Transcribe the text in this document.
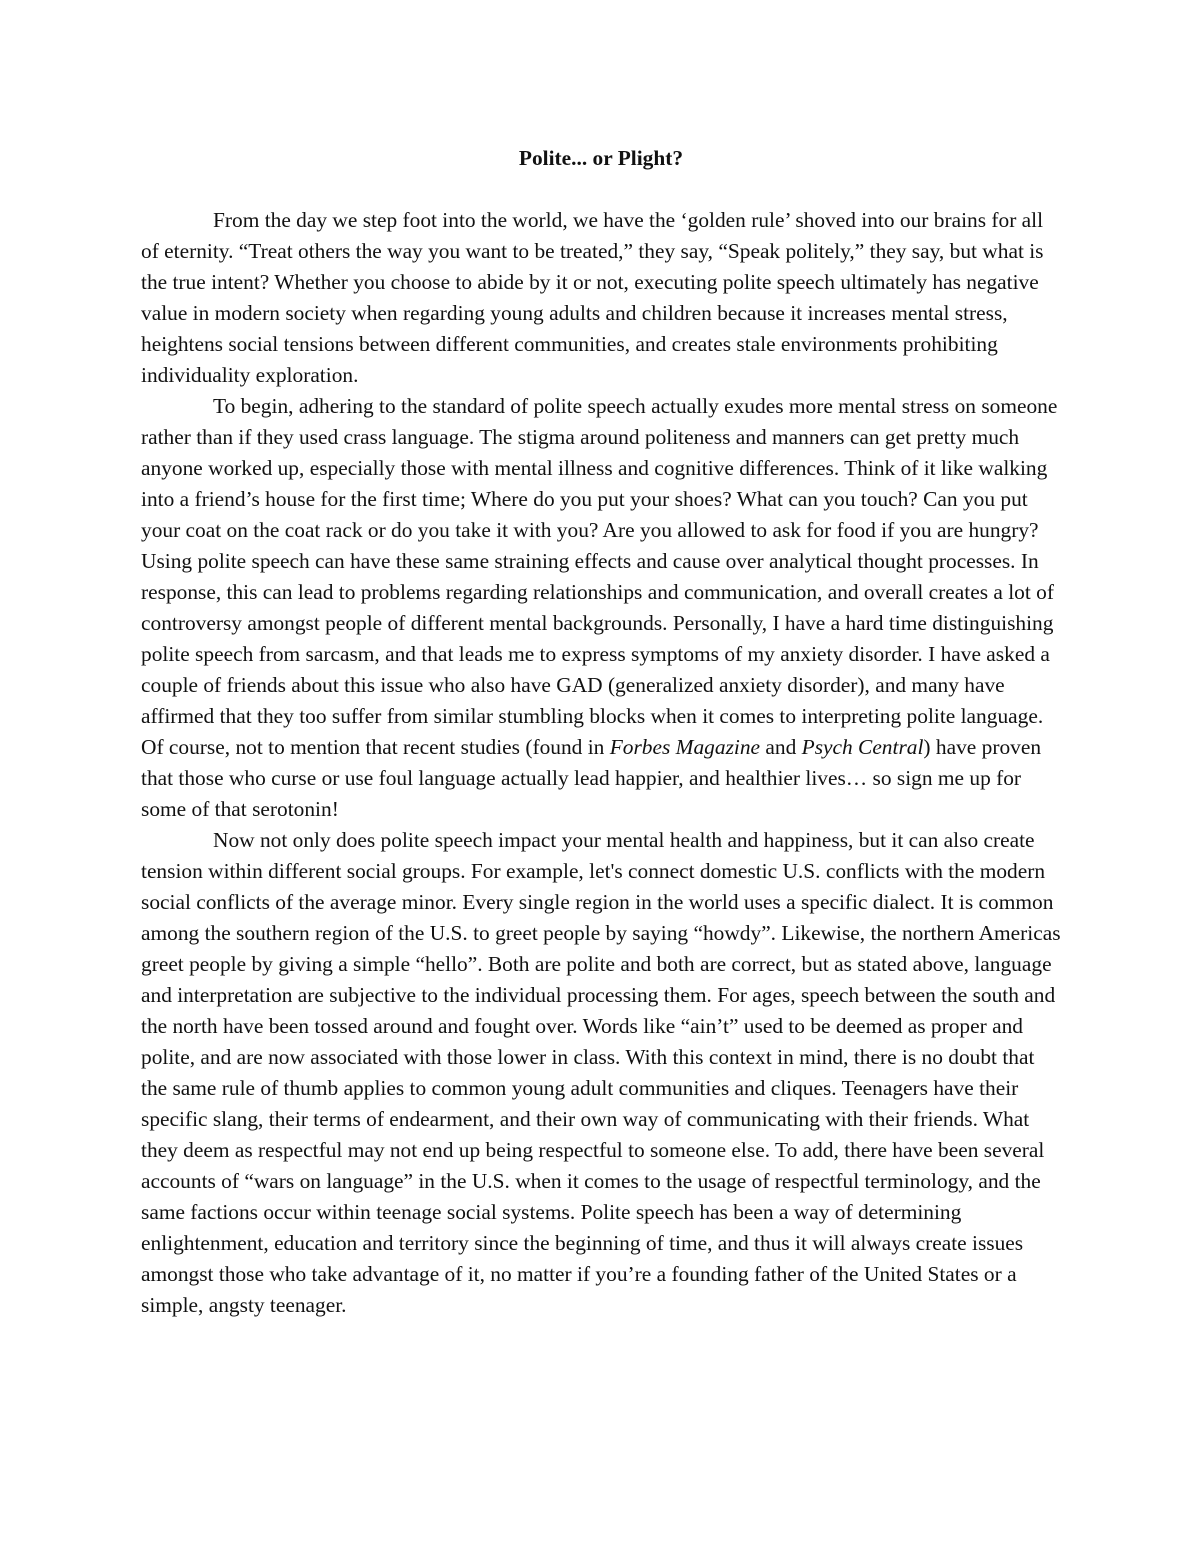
Polite... or Plight?

From the day we step foot into the world, we have the ‘golden rule’ shoved into our brains for all of eternity. “Treat others the way you want to be treated,” they say, “Speak politely,” they say, but what is the true intent? Whether you choose to abide by it or not, executing polite speech ultimately has negative value in modern society when regarding young adults and children because it increases mental stress, heightens social tensions between different communities, and creates stale environments prohibiting individuality exploration.

To begin, adhering to the standard of polite speech actually exudes more mental stress on someone rather than if they used crass language. The stigma around politeness and manners can get pretty much anyone worked up, especially those with mental illness and cognitive differences. Think of it like walking into a friend’s house for the first time; Where do you put your shoes? What can you touch? Can you put your coat on the coat rack or do you take it with you? Are you allowed to ask for food if you are hungry? Using polite speech can have these same straining effects and cause over analytical thought processes. In response, this can lead to problems regarding relationships and communication, and overall creates a lot of controversy amongst people of different mental backgrounds. Personally, I have a hard time distinguishing polite speech from sarcasm, and that leads me to express symptoms of my anxiety disorder. I have asked a couple of friends about this issue who also have GAD (generalized anxiety disorder), and many have affirmed that they too suffer from similar stumbling blocks when it comes to interpreting polite language. Of course, not to mention that recent studies (found in Forbes Magazine and Psych Central) have proven that those who curse or use foul language actually lead happier, and healthier lives… so sign me up for some of that serotonin!

Now not only does polite speech impact your mental health and happiness, but it can also create tension within different social groups. For example, let's connect domestic U.S. conflicts with the modern social conflicts of the average minor. Every single region in the world uses a specific dialect. It is common among the southern region of the U.S. to greet people by saying “howdy”. Likewise, the northern Americas greet people by giving a simple “hello”. Both are polite and both are correct, but as stated above, language and interpretation are subjective to the individual processing them. For ages, speech between the south and the north have been tossed around and fought over. Words like “ain’t” used to be deemed as proper and polite, and are now associated with those lower in class. With this context in mind, there is no doubt that the same rule of thumb applies to common young adult communities and cliques. Teenagers have their specific slang, their terms of endearment, and their own way of communicating with their friends. What they deem as respectful may not end up being respectful to someone else. To add, there have been several accounts of “wars on language” in the U.S. when it comes to the usage of respectful terminology, and the same factions occur within teenage social systems. Polite speech has been a way of determining enlightenment, education and territory since the beginning of time, and thus it will always create issues amongst those who take advantage of it, no matter if you’re a founding father of the United States or a simple, angsty teenager.
